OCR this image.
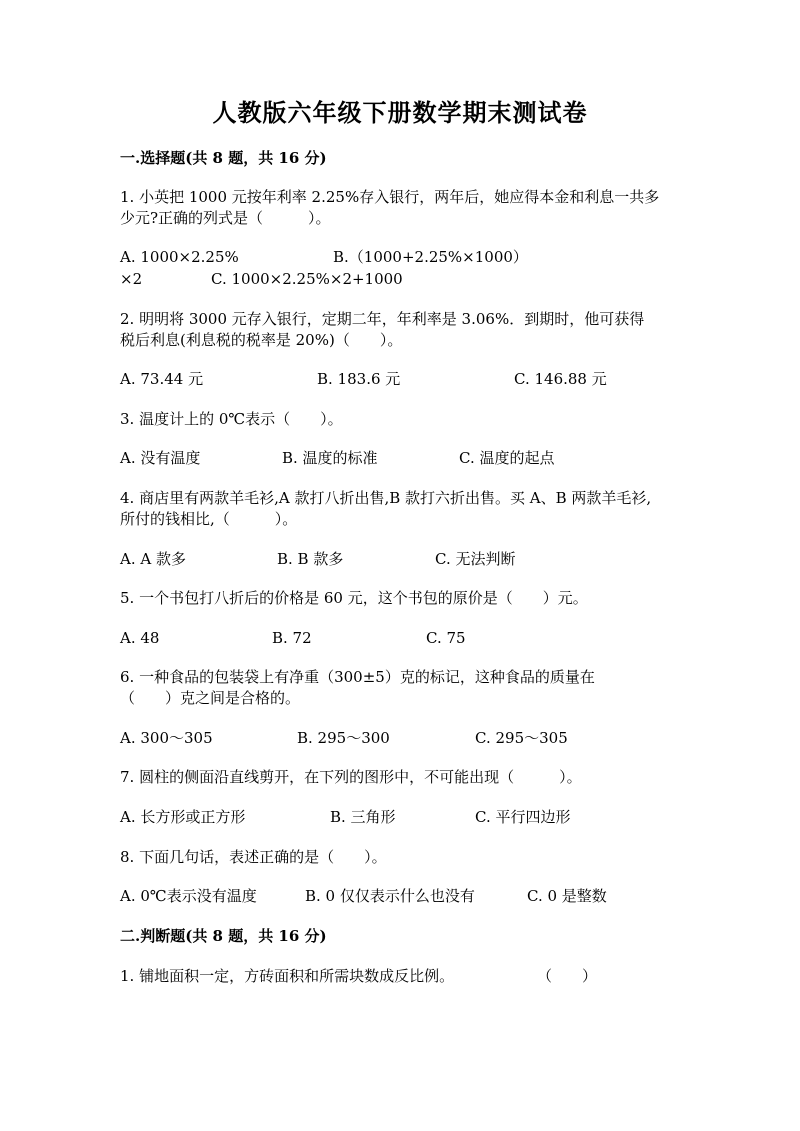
人教版六年级下册数学期末测试卷
一.选择题(共 8 题，共 16 分)
1. 小英把 1000 元按年利率 2.25%存入银行，两年后，她应得本金和利息一共多
少元?正确的列式是（　　　）。
A. 1000×2.25%	B.（1000+2.25%×1000）
×2	C. 1000×2.25%×2+1000
2. 明明将 3000 元存入银行，定期二年，年利率是 3.06%．到期时，他可获得
税后利息(利息税的税率是 20%)（　　）。
A. 73.44 元	B. 183.6 元	C. 146.88 元
3. 温度计上的 0℃表示（　　）。
A. 没有温度	B. 温度的标准	C. 温度的起点
4. 商店里有两款羊毛衫,A 款打八折出售,B 款打六折出售。买 A、B 两款羊毛衫,
所付的钱相比,（　　　）。
A. A 款多	B. B 款多	C. 无法判断
5. 一个书包打八折后的价格是 60 元，这个书包的原价是（　　）元。
A. 48	B. 72	C. 75
6. 一种食品的包装袋上有净重（300±5）克的标记，这种食品的质量在
（　　）克之间是合格的。
A. 300～305	B. 295～300	C. 295～305
7. 圆柱的侧面沿直线剪开，在下列的图形中，不可能出现（　　　）。
A. 长方形或正方形	B. 三角形	C. 平行四边形
8. 下面几句话，表述正确的是（　　）。
A. 0℃表示没有温度	B. 0 仅仅表示什么也没有	C. 0 是整数
二.判断题(共 8 题，共 16 分)
1. 铺地面积一定，方砖面积和所需块数成反比例。	（　　）
